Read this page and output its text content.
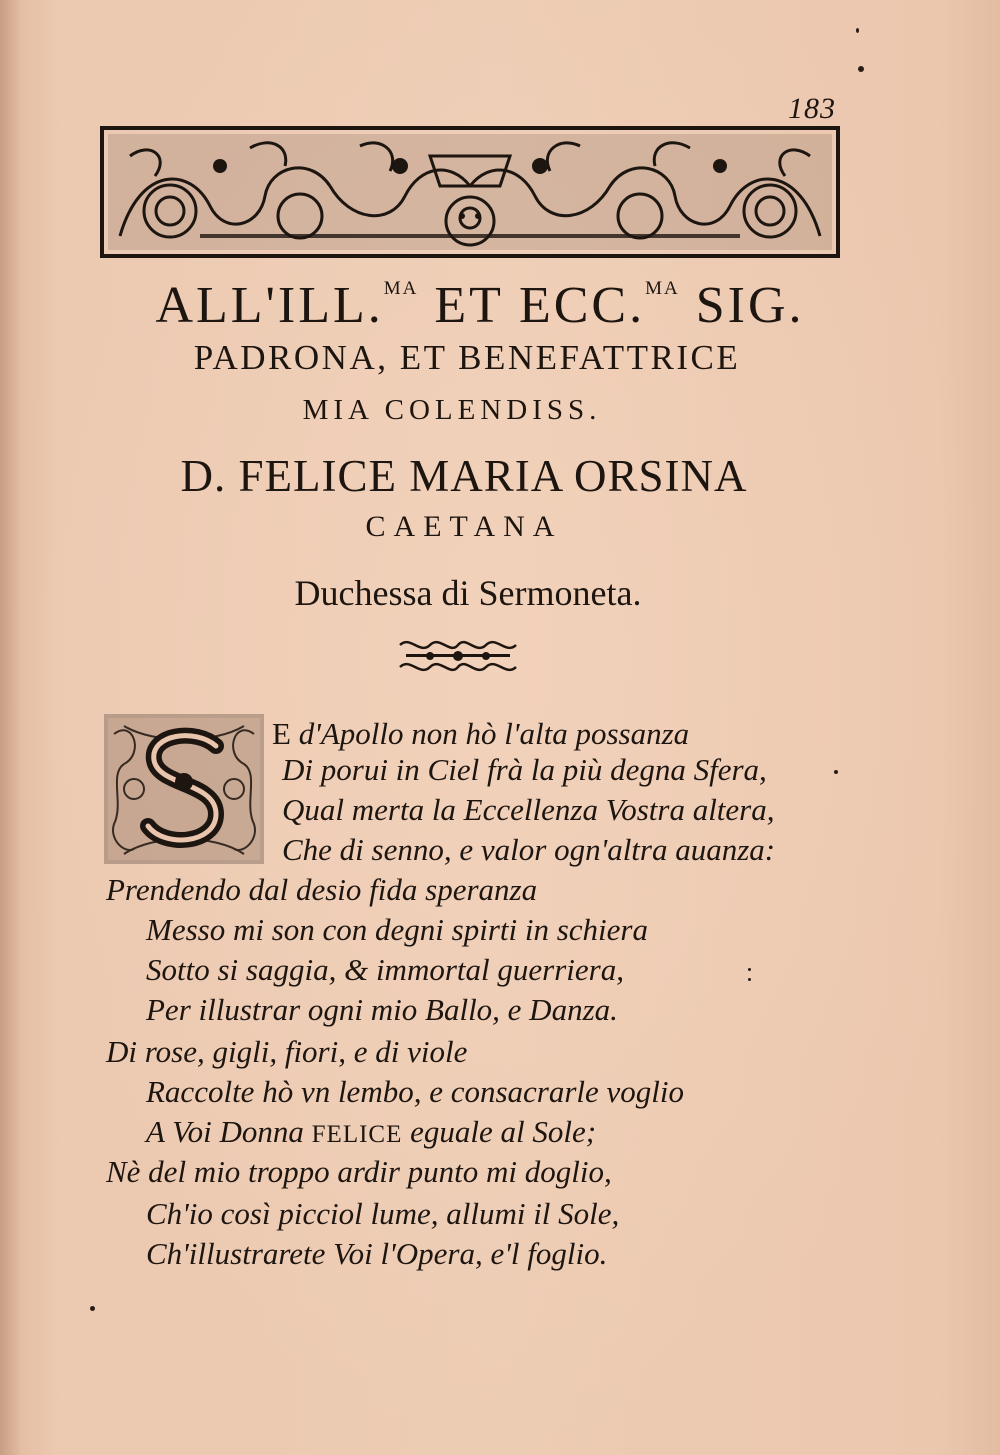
183
ALL'ILL.$^{MA}$ ET ECC.$^{MA}$ SIG.
PADRONA, ET BENEFATTRICE
MIA COLENDISS.
D. FELICE MARIA ORSINA
CAETANA
Duchessa di Sermoneta.
E d'Apollo non hò l'alta possanza
Di porui in Ciel frà la più degna Sfera,
Qual merta la Eccellenza Vostra altera,
Che di senno, e valor ogn'altra auanza:
Prendendo dal desio fida speranza
Messo mi son con degni spirti in schiera
Sotto si saggia, & immortal guerriera,
Per illustrar ogni mio Ballo, e Danza.
Di rose, gigli, fiori, e di viole
Raccolte hò vn lembo, e consacrarle voglio
A Voi Donna FELICE eguale al Sole;
Nè del mio troppo ardir punto mi doglio,
Ch'io così picciol lume, allumi il Sole,
Ch'illustrarete Voi l'Opera, e'l foglio.
